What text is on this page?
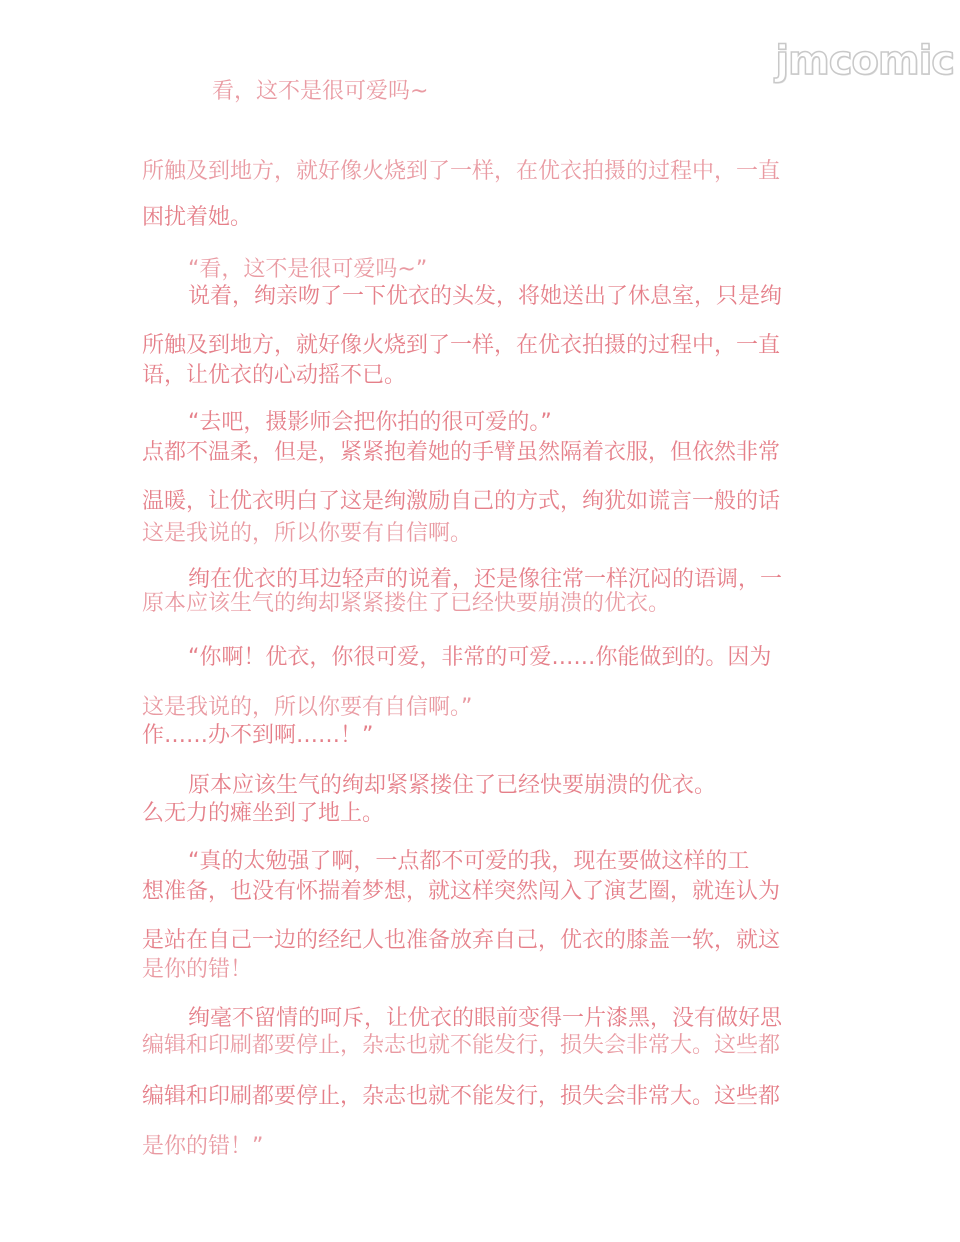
jmcomic
看，这不是很可爱吗~
所触及到地方，就好像火烧到了一样，在优衣拍摄的过程中，一直
困扰着她。
“看，这不是很可爱吗~”
说着，绚亲吻了一下优衣的头发，将她送出了休息室，只是绚
所触及到地方，就好像火烧到了一样，在优衣拍摄的过程中，一直
语，让优衣的心动摇不已。
“去吧，摄影师会把你拍的很可爱的。”
点都不温柔，但是，紧紧抱着她的手臂虽然隔着衣服，但依然非常
温暖，让优衣明白了这是绚激励自己的方式，绚犹如谎言一般的话
这是我说的，所以你要有自信啊。
绚在优衣的耳边轻声的说着，还是像往常一样沉闷的语调，一
原本应该生气的绚却紧紧搂住了已经快要崩溃的优衣。
“你啊！优衣，你很可爱，非常的可爱……你能做到的。因为
这是我说的，所以你要有自信啊。”
作……办不到啊……！”
原本应该生气的绚却紧紧搂住了已经快要崩溃的优衣。
么无力的瘫坐到了地上。
“真的太勉强了啊，一点都不可爱的我，现在要做这样的工
想准备，也没有怀揣着梦想，就这样突然闯入了演艺圈，就连认为
是站在自己一边的经纪人也准备放弃自己，优衣的膝盖一软，就这
是你的错！
绚毫不留情的呵斥，让优衣的眼前变得一片漆黑，没有做好思
编辑和印刷都要停止，杂志也就不能发行，损失会非常大。这些都
编辑和印刷都要停止，杂志也就不能发行，损失会非常大。这些都
是你的错！”
